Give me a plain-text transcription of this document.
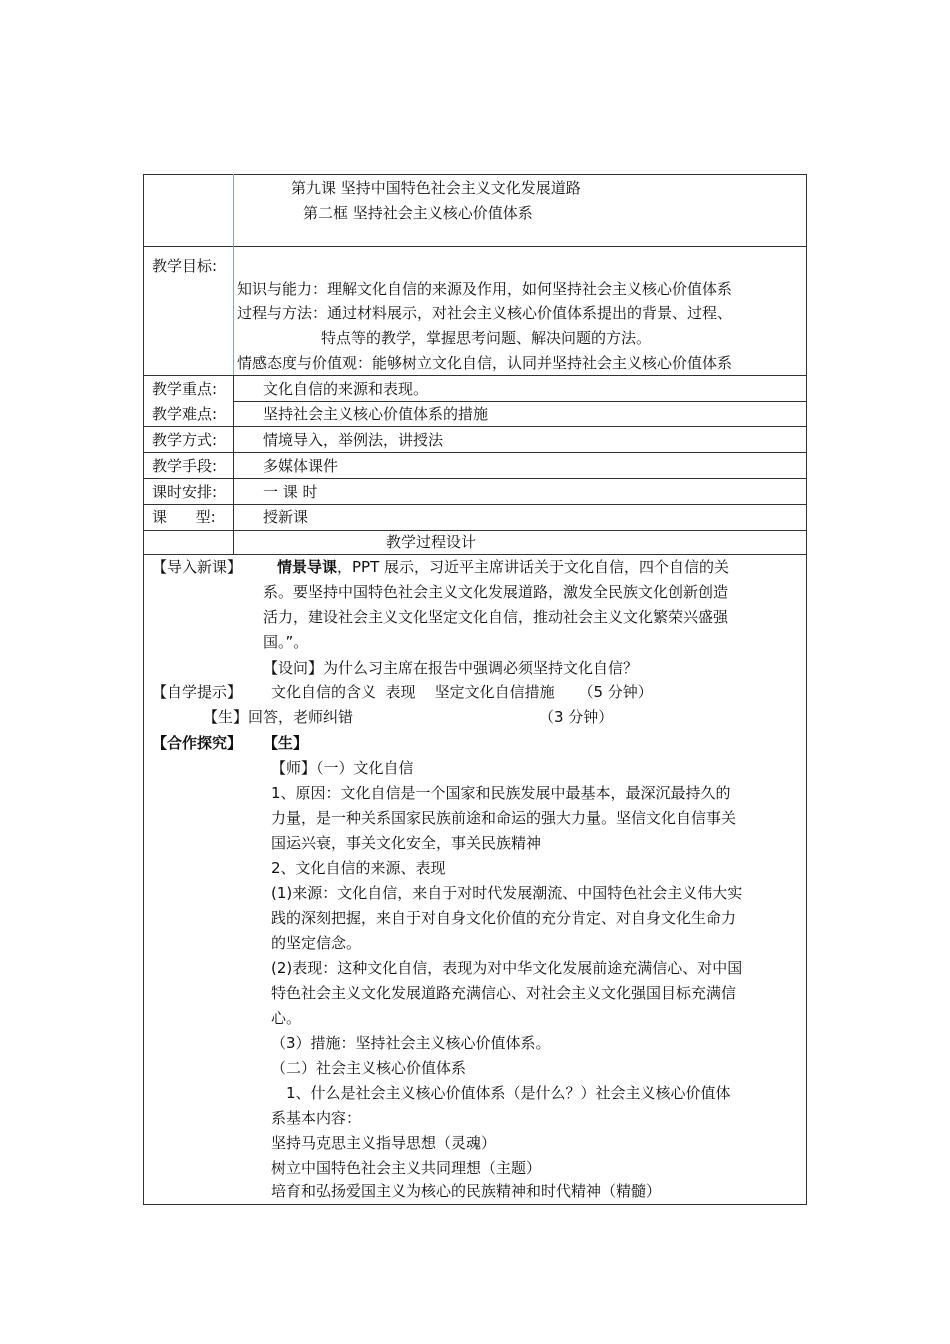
第九课 坚持中国特色社会主义文化发展道路
第二框 坚持社会主义核心价值体系
教学目标:
知识与能力：理解文化自信的来源及作用，如何坚持社会主义核心价值体系
过程与方法：通过材料展示，对社会主义核心价值体系提出的背景、过程、
特点等的教学，掌握思考问题、解决问题的方法。
情感态度与价值观：能够树立文化自信，认同并坚持社会主义核心价值体系
教学重点:	文化自信的来源和表现。
教学难点:	坚持社会主义核心价值体系的措施
教学方式:	情境导入，举例法，讲授法
教学手段:	多媒体课件
课时安排:	一 课 时
课      型:	授新课
教学过程设计
【导入新课】 情景导课，PPT 展示，习近平主席讲话关于文化自信，四个自信的关
系。要坚持中国特色社会主义文化发展道路，激发全民族文化创新创造
活力，建设社会主义文化坚定文化自信，推动社会主义文化繁荣兴盛强
国。”。
【设问】为什么习主席在报告中强调必须坚持文化自信？
【自学提示】 文化自信的含义  表现    坚定文化自信措施     （5 分钟）
【生】回答，老师纠错	（3 分钟）
【合作探究】 【生】
【师】（一）文化自信
1、原因：文化自信是一个国家和民族发展中最基本，最深沉最持久的
力量，是一种关系国家民族前途和命运的强大力量。坚信文化自信事关
国运兴衰，事关文化安全，事关民族精神
2、文化自信的来源、表现
(1)来源：文化自信，来自于对时代发展潮流、中国特色社会主义伟大实
践的深刻把握，来自于对自身文化价值的充分肯定、对自身文化生命力
的坚定信念。
(2)表现：这种文化自信，表现为对中华文化发展前途充满信心、对中国
特色社会主义文化发展道路充满信心、对社会主义文化强国目标充满信
心。
（3）措施：坚持社会主义核心价值体系。
（二）社会主义核心价值体系
1、什么是社会主义核心价值体系（是什么？）社会主义核心价值体
系基本内容：
坚持马克思主义指导思想（灵魂）
树立中国特色社会主义共同理想（主题）
培育和弘扬爱国主义为核心的民族精神和时代精神（精髓）
